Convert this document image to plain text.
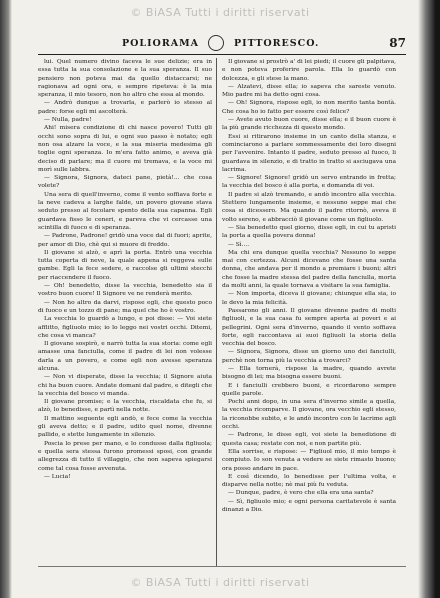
© BiASA Tutti i diritti riservati
POLIORAMA	PITTORESCO.	87

lui. Quel numero divino faceva le sue delizie; era in essa tutta la sua consolazione e la sua speranza. Il suo pensiero non poteva mai da quello distaccarsi; ne ragionava ad ogni ora, e sempre ripeteva: è la mia speranza, il mio tesoro, non ho altro che essa al mondo.

— Andrò dunque a trovarla, e parlerò io stesso al padre: forse egli mi ascolterà.

— Nulla, padre!

Ahi! misera condizione di chi nasce povero! Tutti gli occhi sono sopra di lui, e ogni suo passo è notato; egli non osa alzare la voce, e la sua miseria medesima gli toglie ogni speranza. Io m'era fatto animo, e aveva già deciso di parlare; ma il cuore mi tremava, e la voce mi morì sulle labbra.

— Signora, Signora, dateci pane, pietà!... che cosa volete?

Una sera di quell'inverno, come il vento soffiava forte e la neve cadeva a larghe falde, un povero giovane stava seduto presso al focolare spento della sua capanna. Egli guardava fisso le ceneri, e pareva che vi cercasse una scintilla di fuoco e di speranza.

— Padrone, Padrone! gridò una voce dal di fuori; aprite, per amor di Dio, chè qui si muore di freddo.

Il giovane si alzò, e aprì la porta. Entrò una vecchia tutta coperta di neve, la quale appena si reggeva sulle gambe. Egli la fece sedere, e raccolse gli ultimi stecchi per riaccendere il fuoco.

— Oh! benedetto, disse la vecchia, benedetto sia il vostro buon cuore! Il Signore ve ne renderà merito.

— Non ho altro da darvi, rispose egli, che questo poco di fuoco e un tozzo di pane; ma quel che ho è vostro.

La vecchia lo guardò a lungo, e poi disse: — Voi siete afflitto, figliuolo mio; io lo leggo nei vostri occhi. Ditemi, che cosa vi manca?

Il giovane sospirò, e narrò tutta la sua storia: come egli amasse una fanciulla, come il padre di lei non volesse darla a un povero, e come egli non avesse speranza alcuna.

— Non vi disperate, disse la vecchia; il Signore aiuta chi ha buon cuore. Andate domani dal padre, e ditegli che la vecchia del bosco vi manda.

Il giovane promise; e la vecchia, riscaldata che fu, si alzò, lo benedisse, e partì nella notte.

Il mattino seguente egli andò, e fece come la vecchia gli aveva detto; e il padre, udito quel nome, divenne pallido, e stette lungamente in silenzio.

Poscia lo prese per mano, e lo condusse dalla figliuola; e quella sera stessa furono promessi sposi, con grande allegrezza di tutto il villaggio, che non sapeva spiegarsi come tal cosa fosse avvenuta.

— Lucia!

Il giovane si prostrò a' di lei piedi; il cuore gli palpitava, e non poteva proferire parola. Ella lo guardò con dolcezza, e gli stese la mano.

— Alzatevi, disse ella; io sapeva che sareste venuto. Mio padre mi ha detto ogni cosa.

— Oh! Signora, rispose egli, io non merito tanta bontà. Che cosa ho io fatto per essere così felice?

— Avete avuto buon cuore, disse ella; e il buon cuore è la più grande ricchezza di questo mondo.

Essi si ritirarono insieme in un canto della stanza, e cominciarono a parlare sommessamente dei loro disegni per l'avvenire. Intanto il padre, seduto presso al fuoco, li guardava in silenzio, e di tratto in tratto si asciugava una lacrima.

— Signore! Signore! gridò un servo entrando in fretta; la vecchia del bosco è alla porta, e domanda di voi.

Il padre si alzò tremando, e andò incontro alla vecchia. Stettero lungamente insieme, e nessuno seppe mai che cosa si dicessero. Ma quando il padre ritornò, aveva il volto sereno, e abbracciò il giovane come un figliuolo.

— Sia benedetto quel giorno, disse egli, in cui tu apristi la porta a quella povera donna!

— Sì....

Ma chi era dunque quella vecchia? Nessuno lo seppe mai con certezza. Alcuni dicevano che fosse una santa donna, che andava per il mondo a premiare i buoni; altri che fosse la madre stessa del padre della fanciulla, morta da molti anni, la quale tornava a visitare la sua famiglia.

— Non importa, diceva il giovane; chiunque ella sia, io le devo la mia felicità.

Passarono gli anni. Il giovane divenne padre di molti figliuoli, e la sua casa fu sempre aperta ai poveri e ai pellegrini. Ogni sera d'inverno, quando il vento soffiava forte, egli raccontava ai suoi figliuoli la storia della vecchia del bosco.

— Signora, Signora, disse un giorno uno dei fanciulli, perchè non torna più la vecchia a trovarci?

— Ella tornerà, rispose la madre, quando avrete bisogno di lei; ma bisogna essere buoni.

E i fanciulli crebbero buoni, e ricordarono sempre quelle parole.

Pochi anni dopo, in una sera d'inverno simile a quella, la vecchia ricomparve. Il giovane, ora vecchio egli stesso, la riconobbe subito, e le andò incontro con le lacrime agli occhi.

— Padrone, le disse egli, voi siete la benedizione di questa casa; restate con noi, e non partite più.

Ella sorrise, e rispose: — Figliuol mio, il mio tempo è compiuto. Io son venuta a vedere se siete rimasto buono; ora posso andare in pace.

E così dicendo, lo benedisse per l'ultima volta, e disparve nella notte; nè mai più fu veduta.

— Dunque, padre, è vero che ella era una santa?

— Sì, figliuolo mio; e ogni persona caritatevole è santa dinanzi a Dio.

© BiASA Tutti i diritti riservati
